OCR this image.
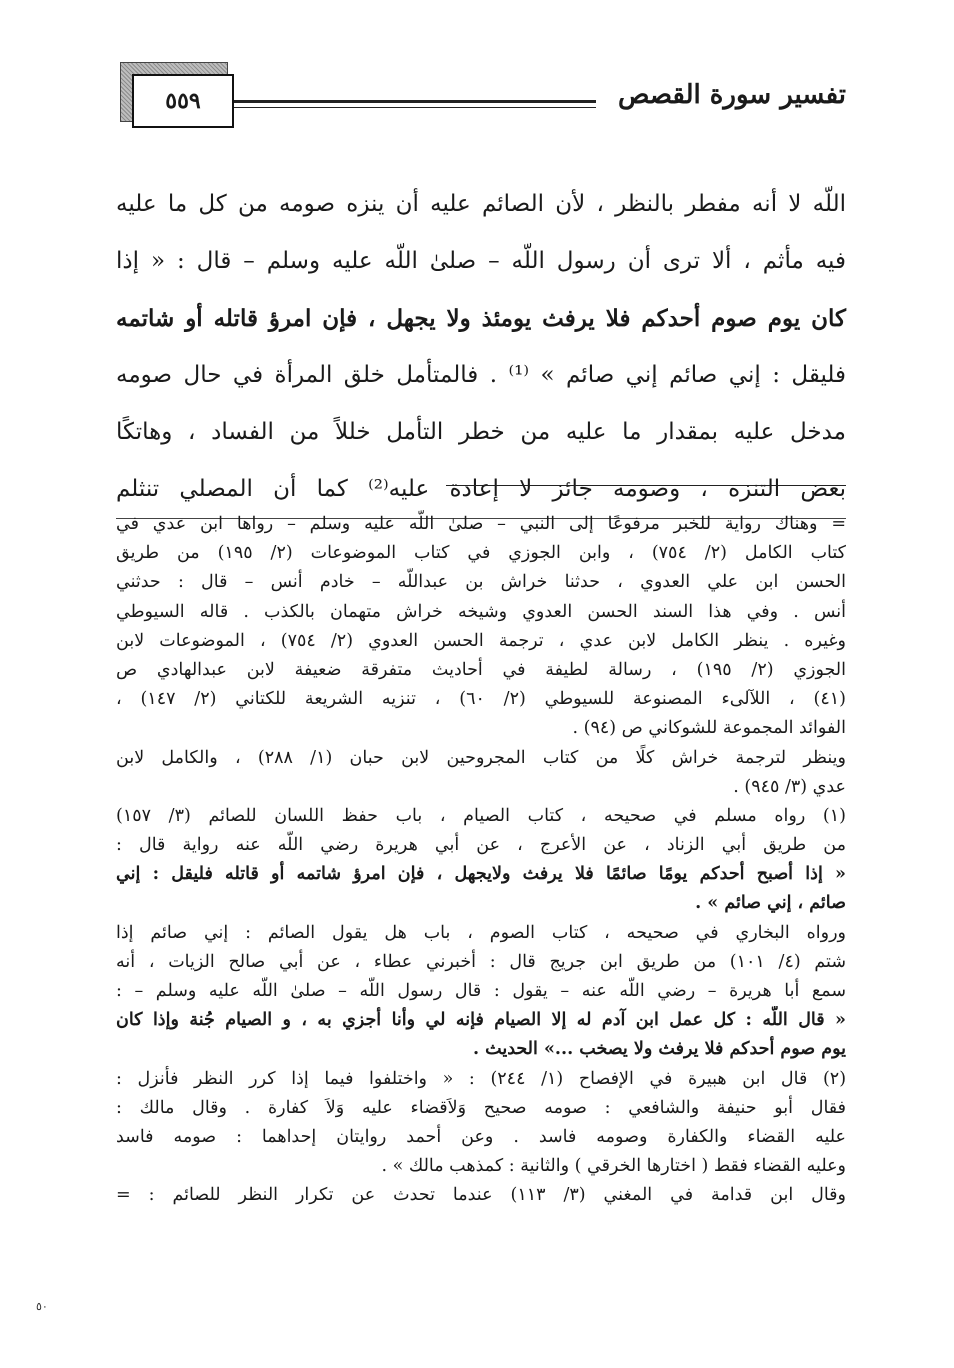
تفسير سورة القصص
٥٥٩
اللّه لا أنه مفطر بالنظر ، لأن الصائم عليه أن ينزه صومه من كل ما عليه
فيه مأثم ، ألا ترى أن رسول اللّه – صلىٰ اللّه عليه وسلم – قال : « إذا
كان يوم صوم أحدكم فلا يرفث يومئذ ولا يجهل ، فإن امرؤ قاتله أو شاتمه
فليقل : إني صائم إني صائم » ⁽¹⁾ . فالمتأمل خلق المرأة في حال صومه
مدخل عليه بمقدار ما عليه من خطر التأمل خللاً من الفساد ، وهاتكًا
بعض التنزه ، وصومه جائز لا إعادة عليه⁽²⁾ كما أن المصلي تنثلم
= وهناك رواية للخبر مرفوعًا إلى النبي – صلىٰ اللّه عليه وسلم – رواها ابن عدي في
كتاب الكامل (٢/ ٧٥٤) ، وابن الجوزي في كتاب الموضوعات (٢/ ١٩٥) من طريق
الحسن ابن علي العدوي ، حدثنا خراش بن عبداللّه – خادم أنس – قال : حدثني
أنس . وفي هذا السند الحسن العدوي وشيخه خراش متهمان بالكذب . قاله السيوطي
وغيره . ينظر الكامل لابن عدي ، ترجمة الحسن العدوي (٢/ ٧٥٤) ، الموضوعات لابن
الجوزي (٢/ ١٩٥) ، رسالة لطيفة في أحاديث متفرقة ضعيفة لابن عبدالهادي ص
(٤١) ، اللآلىء المصنوعة للسيوطي (٢/ ٦٠) ، تنزيه الشريعة للكتاني (٢/ ١٤٧) ،
الفوائد المجموعة للشوكاني ص (٩٤) .
وينظر لترجمة خراش كلًا من كتاب المجروحين لابن حبان (١/ ٢٨٨) ، والكامل لابن
عدي (٣/ ٩٤٥) .
(١) رواه مسلم في صحيحه ، كتاب الصيام ، باب حفظ اللسان للصائم (٣/ ١٥٧)
من طريق أبي الزناد ، عن الأعرج ، عن أبي هريرة رضي اللّه عنه رواية قال :
« إذا أصبح أحدكم يومًا صائمًا فلا يرفث ولايجهل ، فإن امرؤ شاتمه أو قاتله فليقل : إني
صائم ، إني صائم » .
ورواه البخاري في صحيحه ، كتاب الصوم ، باب هل يقول الصائم : إني صائم إذا
شتم (٤/ ١٠١) من طريق ابن جريج قال : أخبرني عطاء ، عن أبي صالح الزيات ، أنه
سمع أبا هريرة – رضي اللّه عنه – يقول : قال رسول اللّه – صلىٰ اللّه عليه وسلم – :
« قال اللّه : كل عمل ابن آدم له إلا الصيام فإنه لي وأنا أجزي به ، و الصيام جُنة وإذا كان
يوم صوم أحدكم فلا يرفث ولا يصخب ...» الحديث .
(٢) قال ابن هبيرة في الإفصاح (١/ ٢٤٤) : « واختلفوا فيما إذا كرر النظر فأنزل :
فقال أبو حنيفة والشافعي : صومه صحيح وَلاَقضاء عليه وَلاَ كفارة . وقال مالك :
عليه القضاء والكفارة وصومه فاسد . وعن أحمد روايتان إحداهما : صومه فاسد
وعليه القضاء فقط ( اختارها الخرقي ) والثانية : كمذهب مالك » .
وقال ابن قدامة في المغني (٣/ ١١٣) عندما تحدث عن تكرار النظر للصائم : =
٥٠
